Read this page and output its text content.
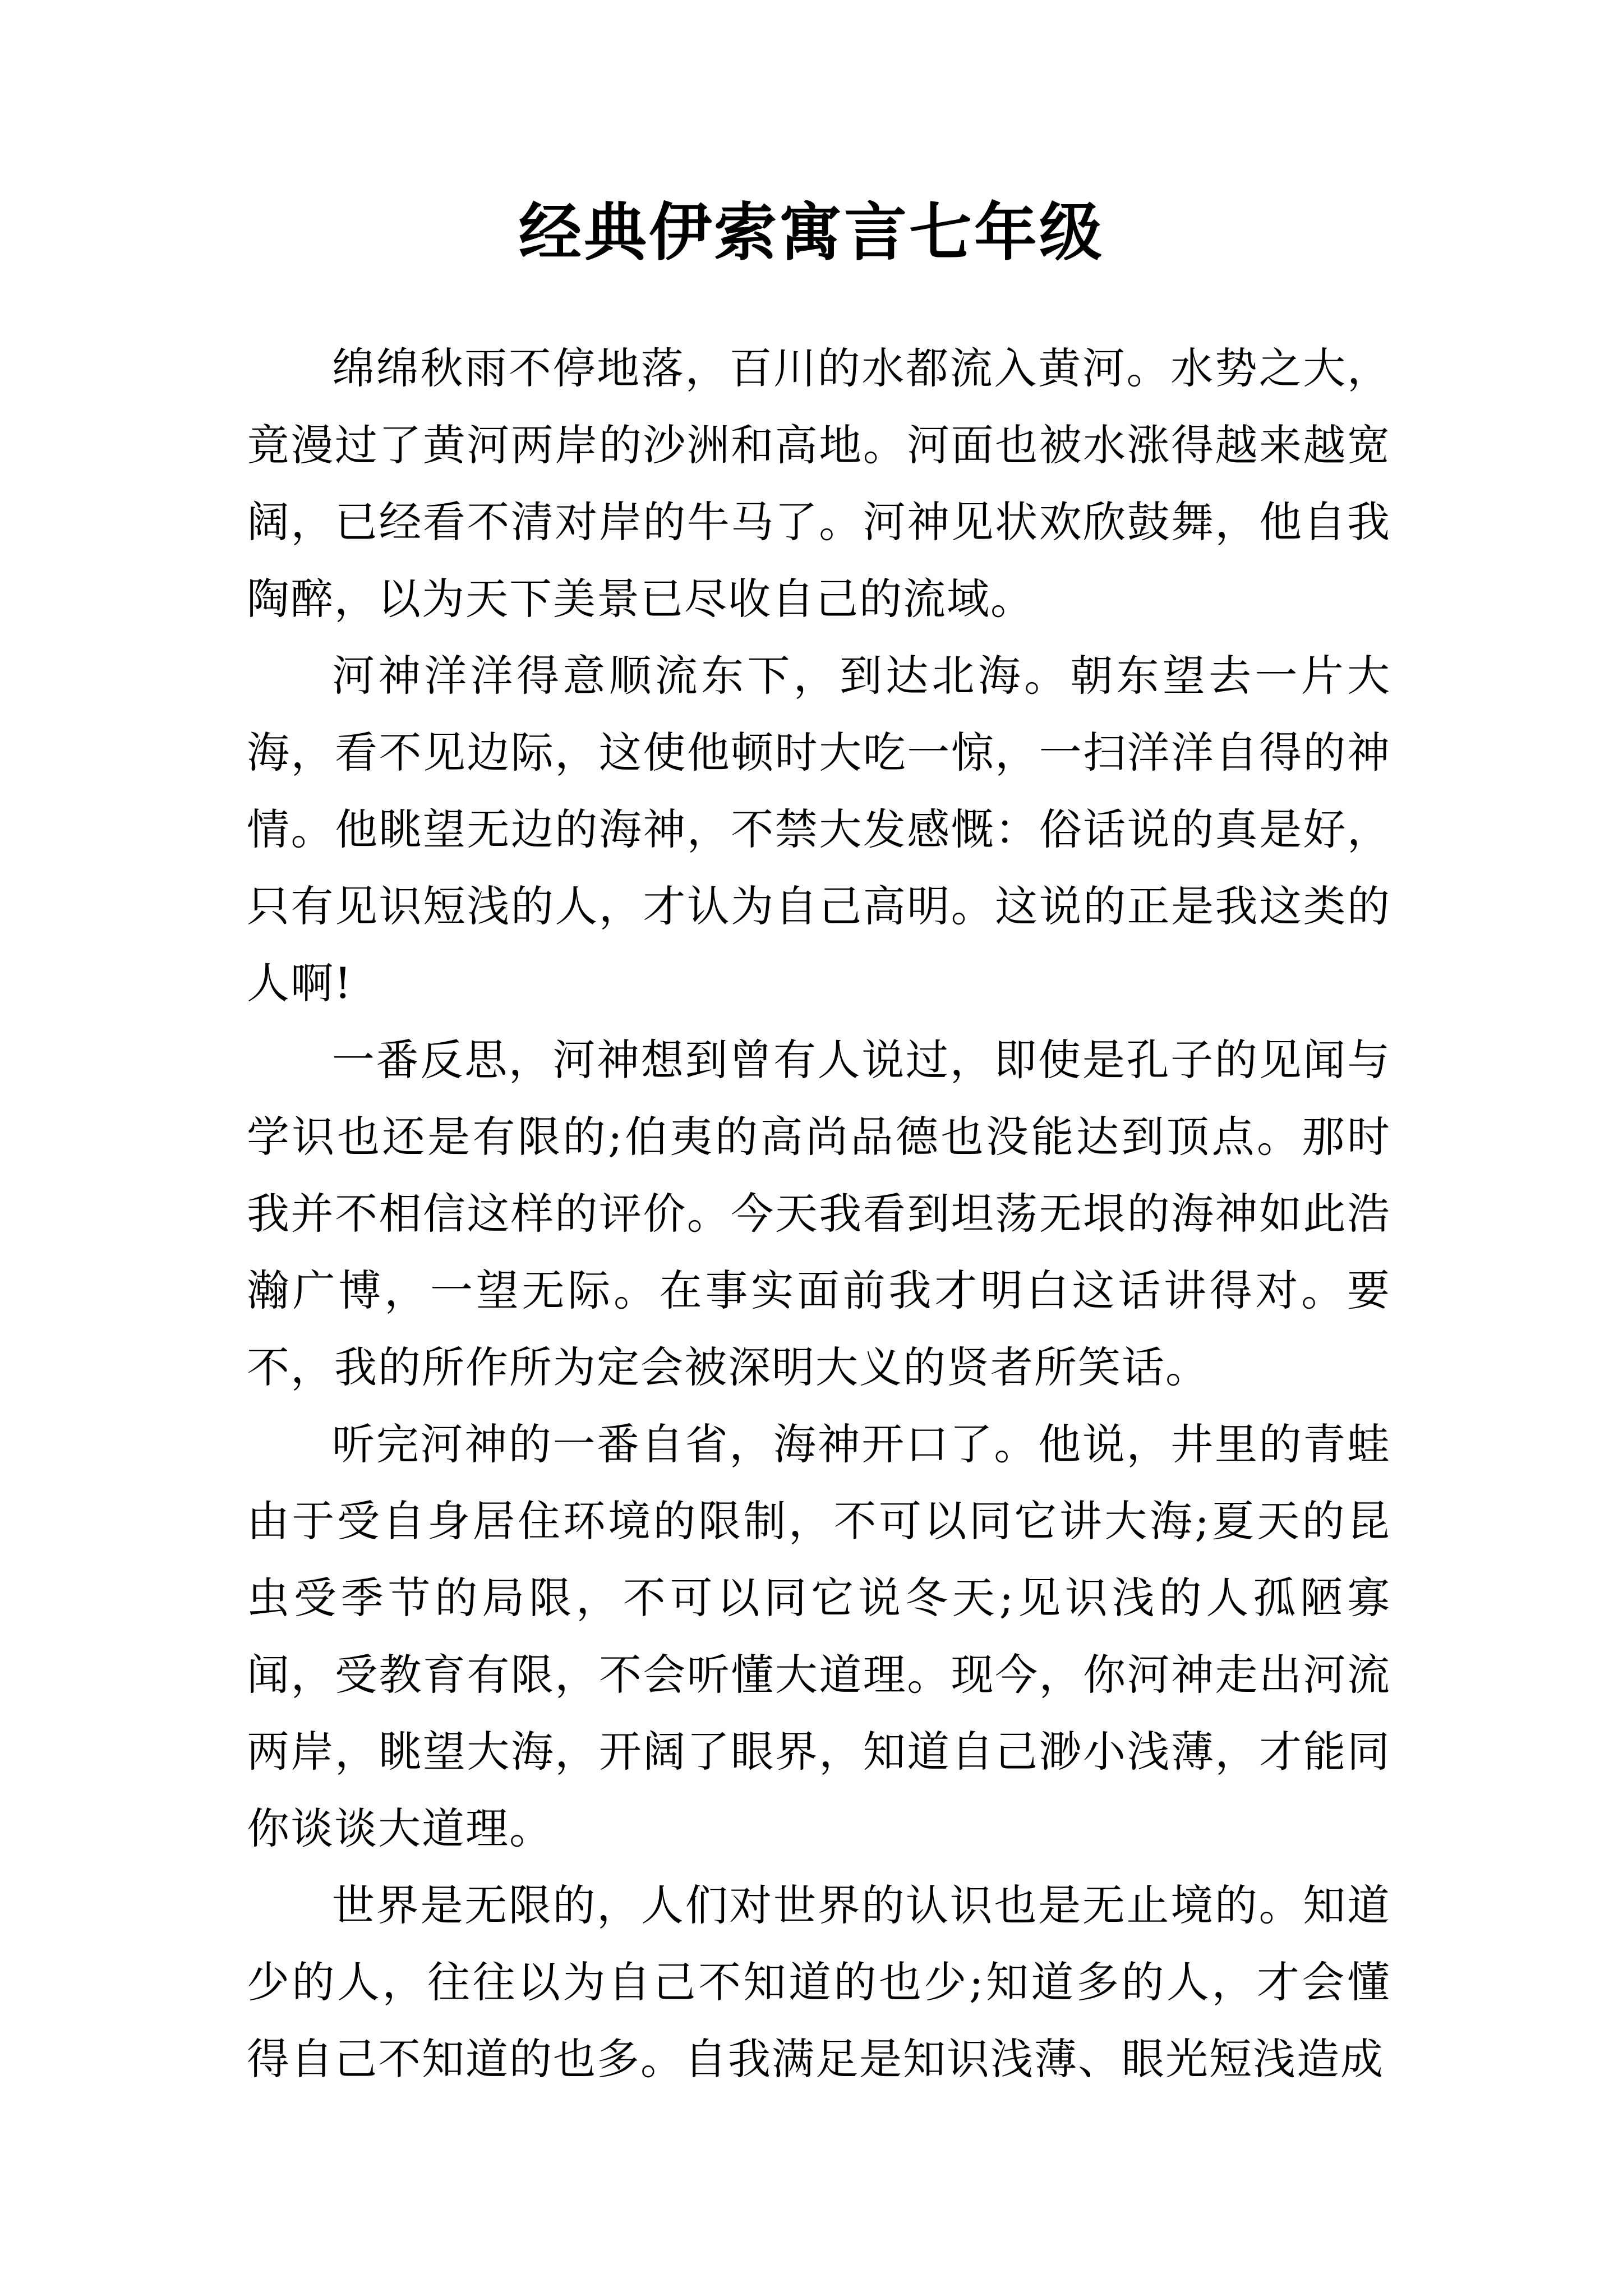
经典伊索寓言七年级

绵绵秋雨不停地落，百川的水都流入黄河。水势之大，竟漫过了黄河两岸的沙洲和高地。河面也被水涨得越来越宽阔，已经看不清对岸的牛马了。河神见状欢欣鼓舞，他自我陶醉，以为天下美景已尽收自己的流域。

河神洋洋得意顺流东下，到达北海。朝东望去一片大海，看不见边际，这使他顿时大吃一惊，一扫洋洋自得的神情。他眺望无边的海神，不禁大发感慨：俗话说的真是好，只有见识短浅的人，才认为自己高明。这说的正是我这类的人啊!

一番反思，河神想到曾有人说过，即使是孔子的见闻与学识也还是有限的;伯夷的高尚品德也没能达到顶点。那时我并不相信这样的评价。今天我看到坦荡无垠的海神如此浩瀚广博，一望无际。在事实面前我才明白这话讲得对。要不，我的所作所为定会被深明大义的贤者所笑话。

听完河神的一番自省，海神开口了。他说，井里的青蛙由于受自身居住环境的限制，不可以同它讲大海;夏天的昆虫受季节的局限，不可以同它说冬天;见识浅的人孤陋寡闻，受教育有限，不会听懂大道理。现今，你河神走出河流两岸，眺望大海，开阔了眼界，知道自己渺小浅薄，才能同你谈谈大道理。

世界是无限的，人们对世界的认识也是无止境的。知道少的人，往往以为自己不知道的也少;知道多的人，才会懂得自己不知道的也多。自我满足是知识浅薄、眼光短浅造成
